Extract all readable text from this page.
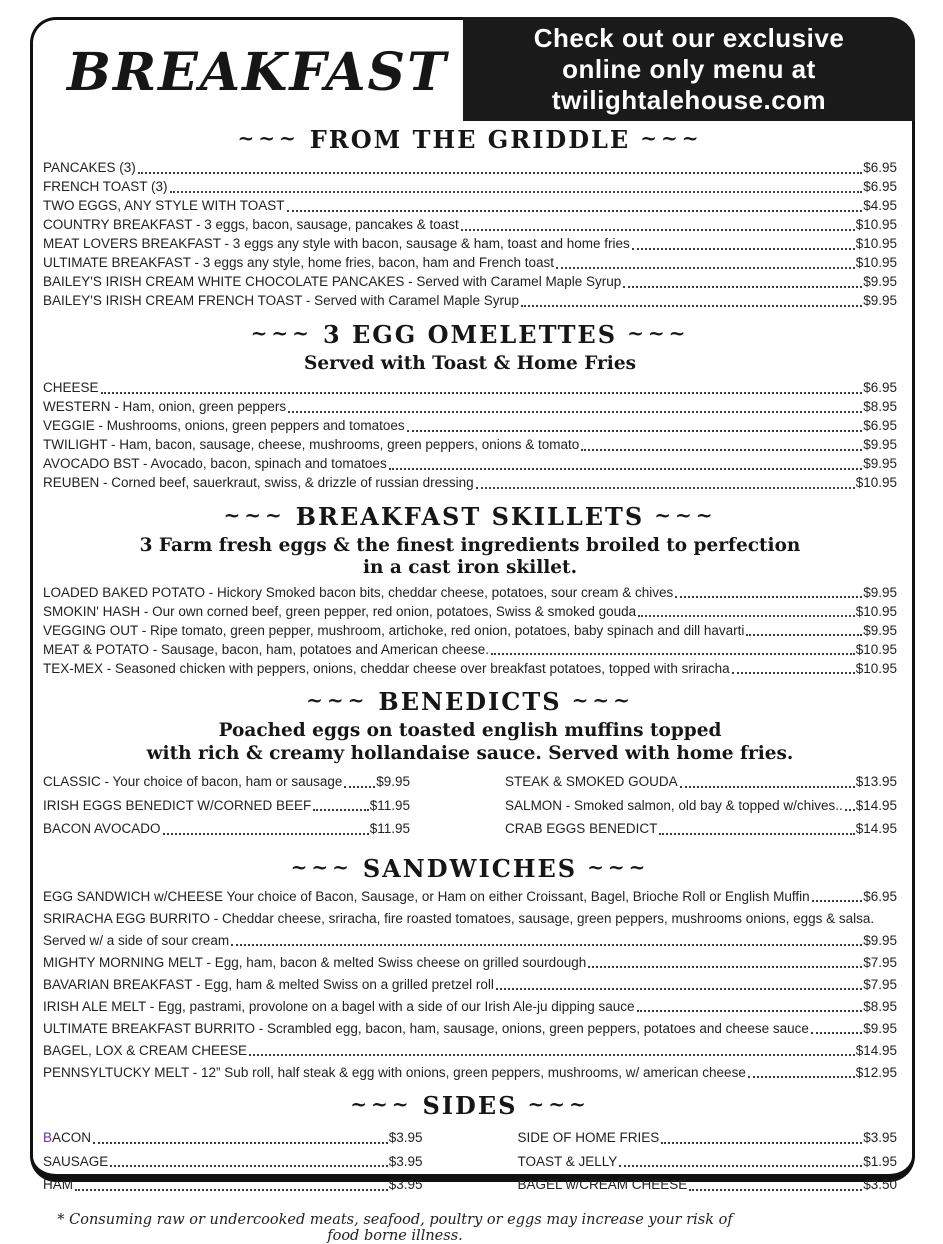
BREAKFAST
Check out our exclusive
online only menu at
twilightalehouse.com
~~~ FROM THE GRIDDLE ~~~
PANCAKES (3)	$6.95
FRENCH TOAST (3)	$6.95
TWO EGGS, ANY STYLE WITH TOAST	$4.95
COUNTRY BREAKFAST - 3 eggs, bacon, sausage, pancakes & toast	$10.95
MEAT LOVERS BREAKFAST - 3 eggs any style with bacon, sausage & ham, toast and home fries	$10.95
ULTIMATE BREAKFAST - 3 eggs any style, home fries, bacon, ham and French toast	$10.95
BAILEY'S IRISH CREAM WHITE CHOCOLATE PANCAKES - Served with Caramel Maple Syrup	$9.95
BAILEY'S IRISH CREAM FRENCH TOAST - Served with Caramel Maple Syrup	$9.95
~~~ 3 EGG OMELETTES ~~~
Served with Toast & Home Fries
CHEESE	$6.95
WESTERN - Ham, onion, green peppers	$8.95
VEGGIE - Mushrooms, onions, green peppers and tomatoes	$6.95
TWILIGHT - Ham, bacon, sausage, cheese, mushrooms, green peppers, onions & tomato	$9.95
AVOCADO BST - Avocado, bacon, spinach and tomatoes	$9.95
REUBEN - Corned beef, sauerkraut, swiss, & drizzle of russian dressing	$10.95
~~~ BREAKFAST SKILLETS ~~~
3 Farm fresh eggs & the finest ingredients broiled to perfection
in a cast iron skillet.
LOADED BAKED POTATO - Hickory Smoked bacon bits, cheddar cheese, potatoes, sour cream & chives	$9.95
SMOKIN' HASH - Our own corned beef, green pepper, red onion, potatoes, Swiss & smoked gouda	$10.95
VEGGING OUT - Ripe tomato, green pepper, mushroom, artichoke, red onion, potatoes, baby spinach and dill havarti	$9.95
MEAT & POTATO - Sausage, bacon, ham, potatoes and American cheese.	$10.95
TEX-MEX - Seasoned chicken with peppers, onions, cheddar cheese over breakfast potatoes, topped with sriracha	$10.95
~~~ BENEDICTS ~~~
Poached eggs on toasted english muffins topped
with rich & creamy hollandaise sauce. Served with home fries.
CLASSIC - Your choice of bacon, ham or sausage	$9.95
IRISH EGGS BENEDICT W/CORNED BEEF	$11.95
BACON AVOCADO	$11.95
STEAK & SMOKED GOUDA	$13.95
SALMON - Smoked salmon, old bay & topped w/chives.. $14.95
CRAB EGGS BENEDICT	$14.95
~~~ SANDWICHES ~~~
EGG SANDWICH w/CHEESE Your choice of Bacon, Sausage, or Ham on either Croissant, Bagel, Brioche Roll or English Muffin	$6.95
SRIRACHA EGG BURRITO - Cheddar cheese, sriracha, fire roasted tomatoes, sausage, green peppers, mushrooms onions, eggs & salsa.
Served w/ a side of sour cream	$9.95
MIGHTY MORNING MELT - Egg, ham, bacon & melted Swiss cheese on grilled sourdough	$7.95
BAVARIAN BREAKFAST - Egg, ham & melted Swiss on a grilled pretzel roll	$7.95
IRISH ALE MELT - Egg, pastrami, provolone on a bagel with a side of our Irish Ale-ju dipping sauce	$8.95
ULTIMATE BREAKFAST BURRITO - Scrambled egg, bacon, ham, sausage, onions, green peppers, potatoes and cheese sauce	$9.95
BAGEL, LOX & CREAM CHEESE	$14.95
PENNSYLTUCKY MELT - 12” Sub roll, half steak & egg with onions, green peppers, mushrooms, w/ american cheese	$12.95
~~~ SIDES ~~~
BACON	$3.95
SAUSAGE	$3.95
HAM	$3.95
SIDE OF HOME FRIES	$3.95
TOAST & JELLY	$1.95
BAGEL w/CREAM CHEESE	$3.50
* Consuming raw or undercooked meats, seafood, poultry or eggs may increase your risk of food borne illness.
